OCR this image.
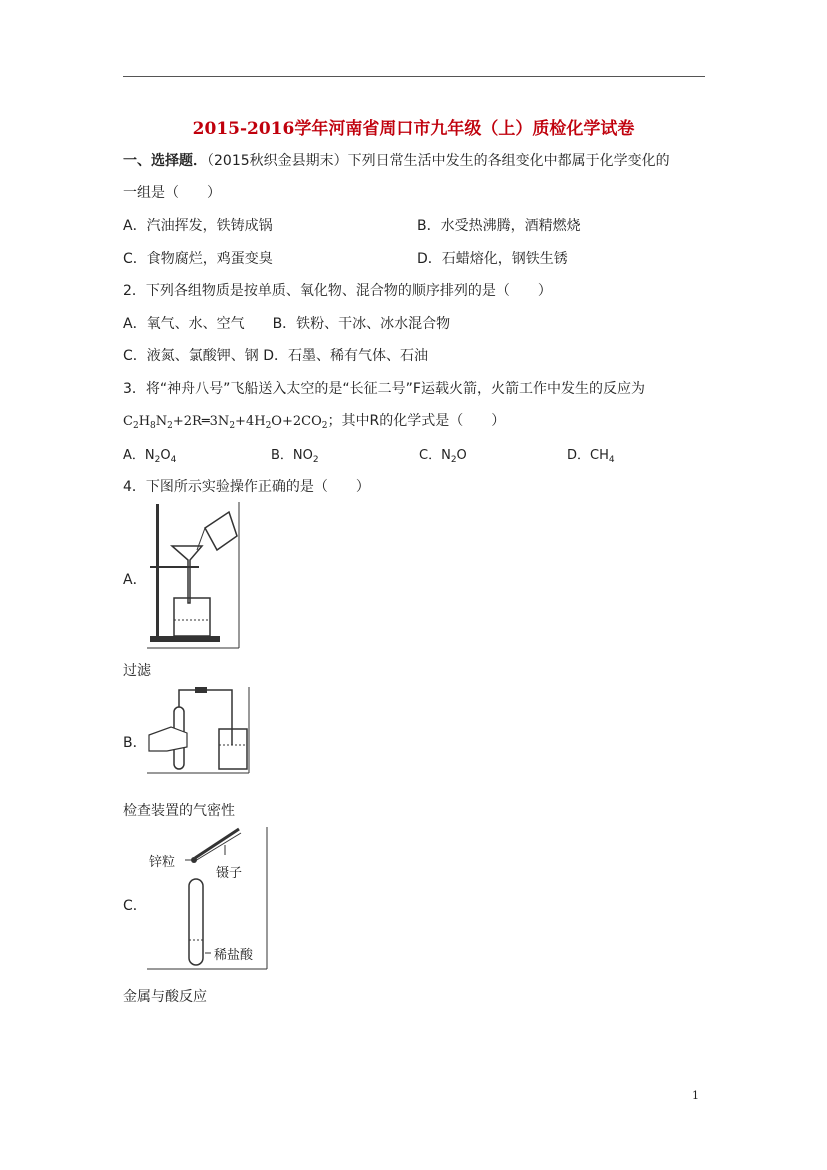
2015-2016学年河南省周口市九年级（上）质检化学试卷
一、选择题．（2015秋织金县期末）下列日常生活中发生的各组变化中都属于化学变化的
一组是（　　）
A．汽油挥发，铁铸成锅	B．水受热沸腾，酒精燃烧
C．食物腐烂，鸡蛋变臭	D．石蜡熔化，钢铁生锈
2．下列各组物质是按单质、氧化物、混合物的顺序排列的是（　　）
A．氧气、水、空气　　B．铁粉、干冰、冰水混合物
C．液氮、氯酸钾、钢 D．石墨、稀有气体、石油
3．将“神舟八号”飞船送入太空的是“长征二号”F运载火箭，火箭工作中发生的反应为
$C_2H_8N_2+2R═3N_2+4H_2O+2CO_2$；其中R的化学式是（　　）
A．$N_2O_4$	B．$NO_2$	C．$N_2O$	D．$CH_4$
4．下图所示实验操作正确的是（　　）
A．
过滤
B．
检查装置的气密性
C．
锌粒
镊子
稀盐酸
金属与酸反应
1
